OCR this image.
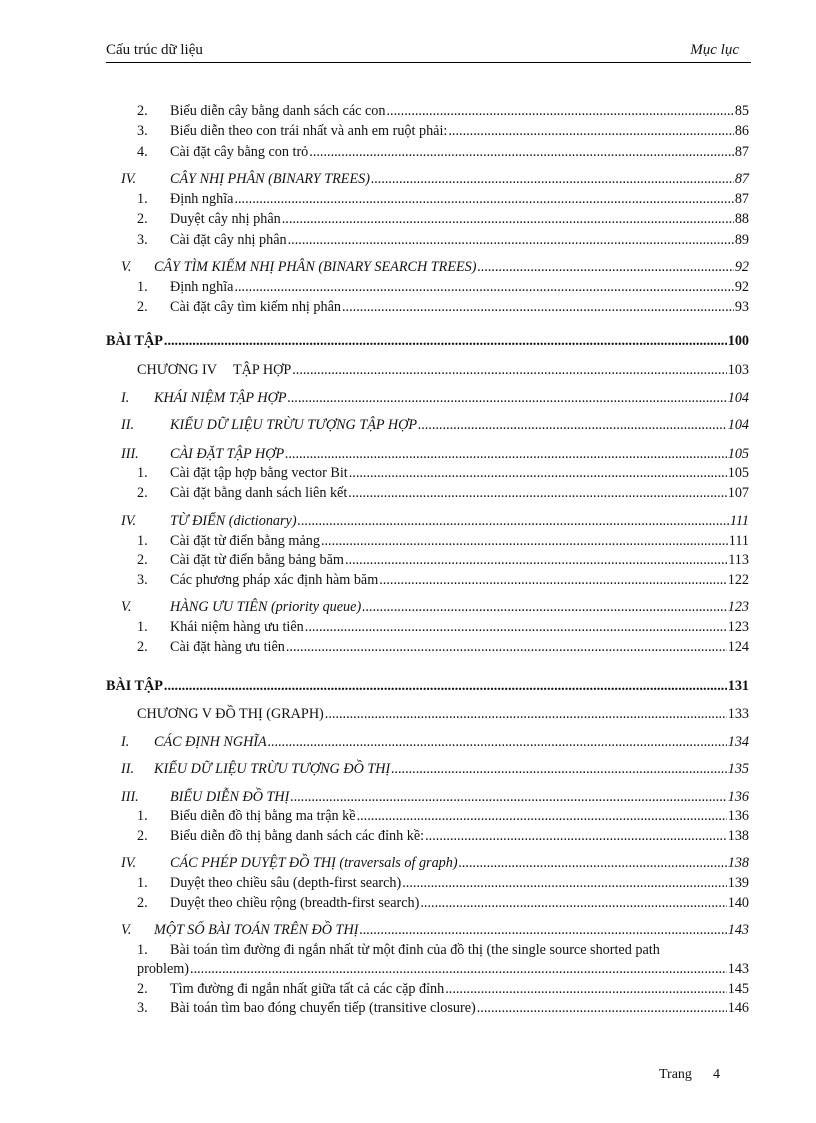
Cấu trúc dữ liệu	Mục lục
2.	Biểu diễn cây bằng danh sách các con .....	85
3.	Biểu diễn theo con trái nhất và anh em ruột phải: .....	86
4.	Cài đặt cây bằng con trỏ .....	87
IV.	CÂY NHỊ PHÂN (BINARY TREES) .....	87
1.	Định nghĩa .....	87
2.	Duyệt cây nhị phân .....	88
3.	Cài đặt cây nhị phân .....	89
V.	CÂY TÌM KIẾM NHỊ PHÂN (BINARY SEARCH TREES) .....	92
1.	Định nghĩa .....	92
2.	Cài đặt cây tìm kiếm nhị phân .....	93
BÀI TẬP .....	100
CHƯƠNG IV	TẬP HỢP .....	103
I.	KHÁI NIỆM TẬP HỢP .....	104
II.	KIỂU DỮ LIỆU TRỪU TƯỢNG TẬP HỢP .....	104
III.	CÀI ĐẶT TẬP HỢP .....	105
1.	Cài đặt tập hợp bằng vector Bit .....	105
2.	Cài đặt bằng danh sách liên kết .....	107
IV.	TỪ ĐIỂN (dictionary) .....	111
1.	Cài đặt từ điển bằng mảng .....	111
2.	Cài đặt từ điển bằng bảng băm .....	113
3.	Các phương pháp xác định hàm băm .....	122
V.	HÀNG ƯU TIÊN (priority queue) .....	123
1.	Khái niệm hàng ưu tiên .....	123
2.	Cài đặt hàng ưu tiên .....	124
BÀI TẬP .....	131
CHƯƠNG V ĐỒ THỊ (GRAPH) .....	133
I.	CÁC ĐỊNH NGHĨA .....	134
II.	KIỂU DỮ LIỆU TRỪU TƯỢNG ĐỒ THỊ .....	135
III.	BIỂU DIỄN ĐỒ THỊ .....	136
1.	Biểu diễn đồ thị bằng ma trận kề .....	136
2.	Biểu diễn đồ thị bằng danh sách các đỉnh kề: .....	138
IV.	CÁC PHÉP DUYỆT ĐỒ THỊ (traversals of graph) .....	138
1.	Duyệt theo chiều sâu (depth-first search) .....	139
2.	Duyệt theo chiều rộng (breadth-first search) .....	140
V.	MỘT SỐ BÀI TOÁN TRÊN ĐỒ THỊ .....	143
1.	Bài toán tìm đường đi ngắn nhất từ một đỉnh của đồ thị (the single source shorted path
problem) .....	143
2.	Tìm đường đi ngắn nhất giữa tất cả các cặp đỉnh .....	145
3.	Bài toán tìm bao đóng chuyển tiếp (transitive closure) .....	146
Trang 4
